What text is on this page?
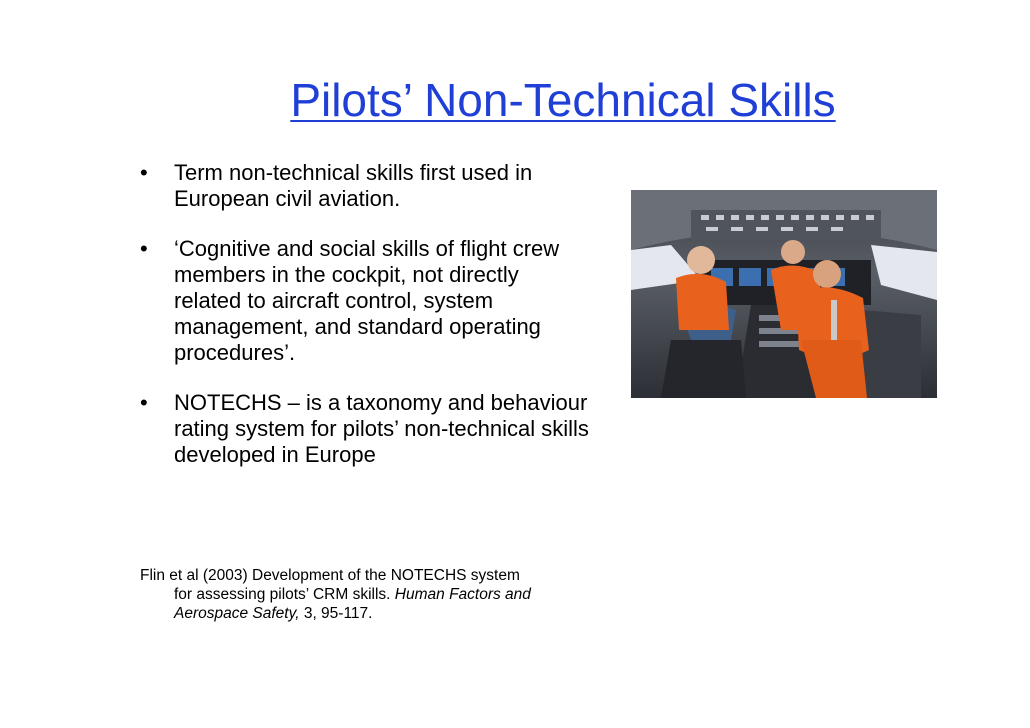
Pilots’ Non-Technical Skills
•	Term non-technical skills first used in European civil aviation.
•	‘Cognitive and social skills of flight crew members in the cockpit, not directly related to aircraft control, system management, and standard operating procedures’.
•	NOTECHS – is a taxonomy and behaviour rating system for pilots’ non-technical skills developed in Europe
Flin et al (2003) Development of the NOTECHS system
for assessing pilots’ CRM skills. Human Factors and
Aerospace Safety, 3, 95-117.
